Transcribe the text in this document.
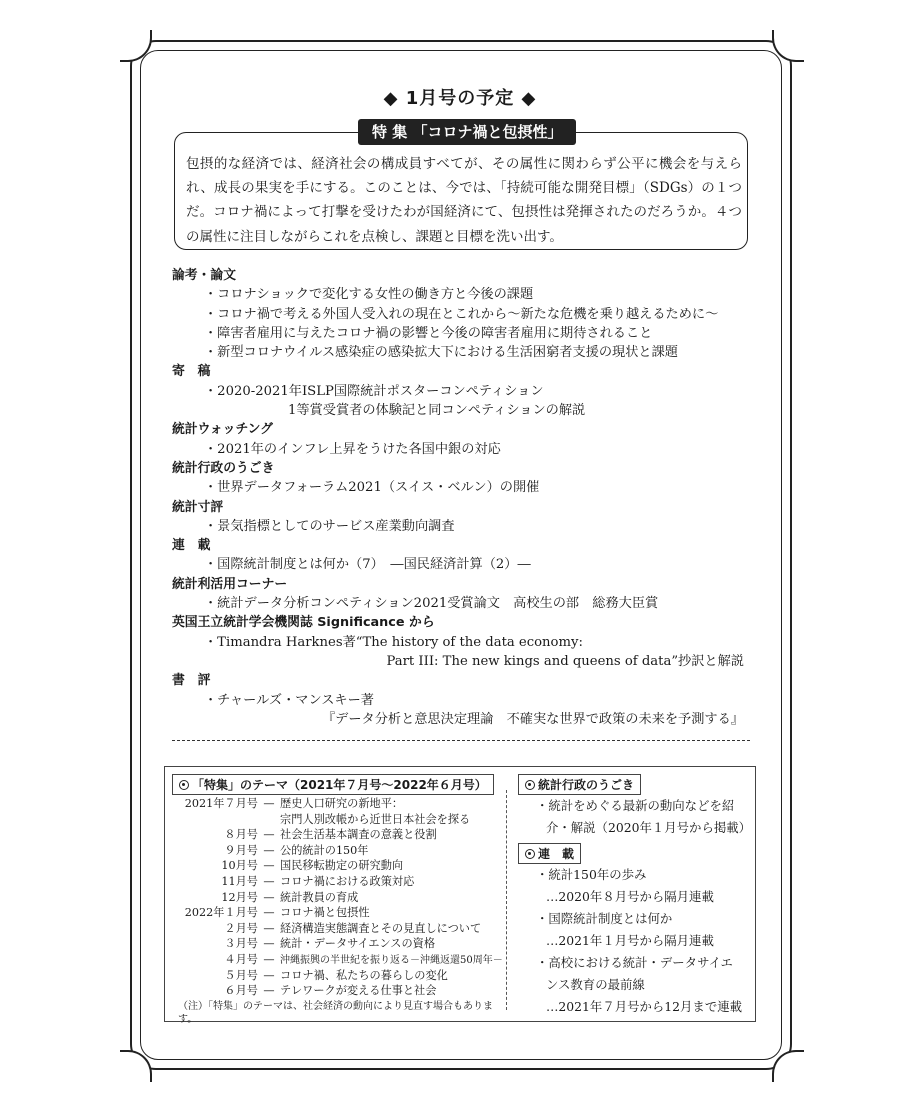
◆ 1月号の予定 ◆
特 集 「コロナ禍と包摂性」
包摂的な経済では、経済社会の構成員すべてが、その属性に関わらず公平に機会を与えられ、成長の果実を手にする。このことは、今では、「持続可能な開発目標」（SDGs）の１つだ。コロナ禍によって打撃を受けたわが国経済にて、包摂性は発揮されたのだろうか。４つの属性に注目しながらこれを点検し、課題と目標を洗い出す。
論考・論文
・コロナショックで変化する女性の働き方と今後の課題
・コロナ禍で考える外国人受入れの現在とこれから～新たな危機を乗り越えるために～
・障害者雇用に与えたコロナ禍の影響と今後の障害者雇用に期待されること
・新型コロナウイルス感染症の感染拡大下における生活困窮者支援の現状と課題
寄　稿
・2020-2021年ISLP国際統計ポスターコンペティション
1等賞受賞者の体験記と同コンペティションの解説
統計ウォッチング
・2021年のインフレ上昇をうけた各国中銀の対応
統計行政のうごき
・世界データフォーラム2021（スイス・ベルン）の開催
統計寸評
・景気指標としてのサービス産業動向調査
連　載
・国際統計制度とは何か（7）　―国民経済計算（2）―
統計利活用コーナー
・統計データ分析コンペティション2021受賞論文　高校生の部　総務大臣賞
英国王立統計学会機関誌 Significance から
・Timandra Harknes著“The history of the data economy:
Part III: The new kings and queens of data”抄訳と解説
書　評
・チャールズ・マンスキー著
『データ分析と意思決定理論　不確実な世界で政策の未来を予測する』
「特集」のテーマ（2021年７月号～2022年６月号）
2021年７月号 — 歴史人口研究の新地平：
宗門人別改帳から近世日本社会を探る
８月号 — 社会生活基本調査の意義と役割
９月号 — 公的統計の150年
10月号 — 国民移転勘定の研究動向
11月号 — コロナ禍における政策対応
12月号 — 統計教員の育成
2022年１月号 — コロナ禍と包摂性
２月号 — 経済構造実態調査とその見直しについて
３月号 — 統計・データサイエンスの資格
４月号 — 沖縄振興の半世紀を振り返る－沖縄返還50周年－
５月号 — コロナ禍、私たちの暮らしの変化
６月号 — テレワークが変える仕事と社会
（注）「特集」のテーマは、社会経済の動向により見直す場合もあります。
統計行政のうごき
・統計をめぐる最新の動向などを紹
介・解説（2020年１月号から掲載）
連　載
・統計150年の歩み
…2020年８月号から隔月連載
・国際統計制度とは何か
…2021年１月号から隔月連載
・高校における統計・データサイエ
ンス教育の最前線
…2021年７月号から12月まで連載
